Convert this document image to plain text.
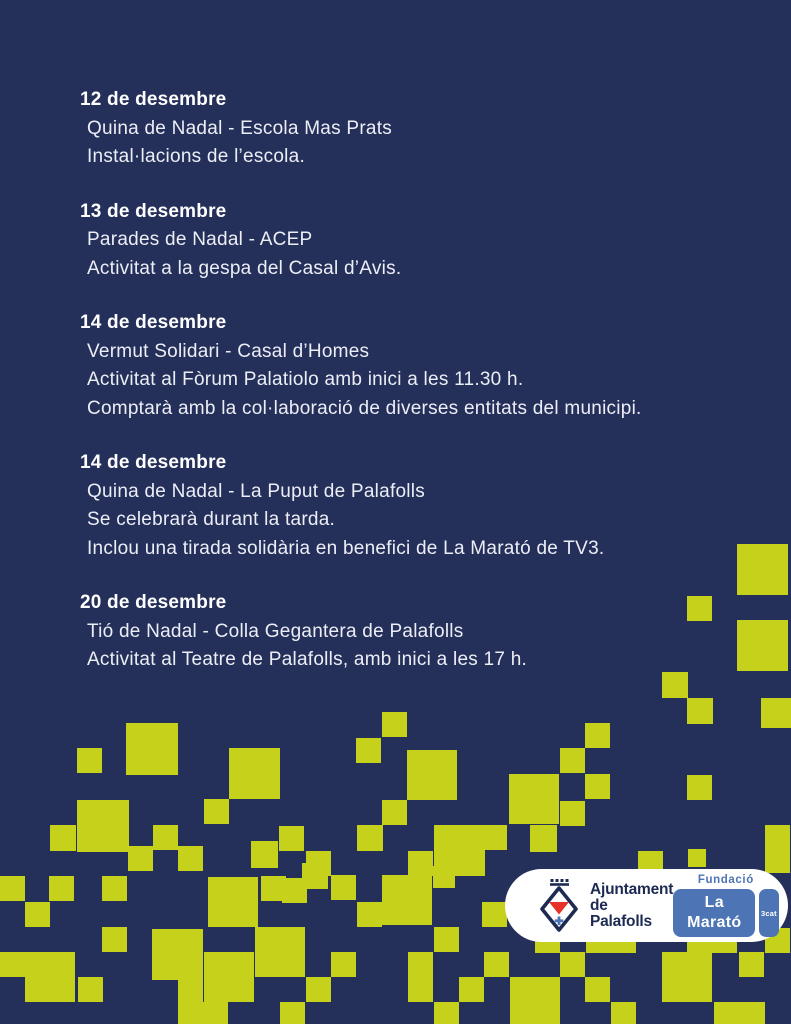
12 de desembre

Quina de Nadal - Escola Mas Prats

Instal·lacions de l’escola.

13 de desembre

Parades de Nadal - ACEP

Activitat a la gespa del Casal d’Avis.

14 de desembre

Vermut Solidari - Casal d’Homes

Activitat al Fòrum Palatiolo amb inici a les 11.30 h.

Comptarà amb la col·laboració de diverses entitats del municipi.

14 de desembre

Quina de Nadal - La Puput de Palafolls

Se celebrarà durant la tarda.

Inclou una tirada solidària en benefici de La Marató de TV3.

20 de desembre

Tió de Nadal - Colla Gegantera de Palafolls

Activitat al Teatre de Palafolls, amb inici a les 17 h.

Ajuntament
de Palafolls
Fundació
La Marató
3cat
